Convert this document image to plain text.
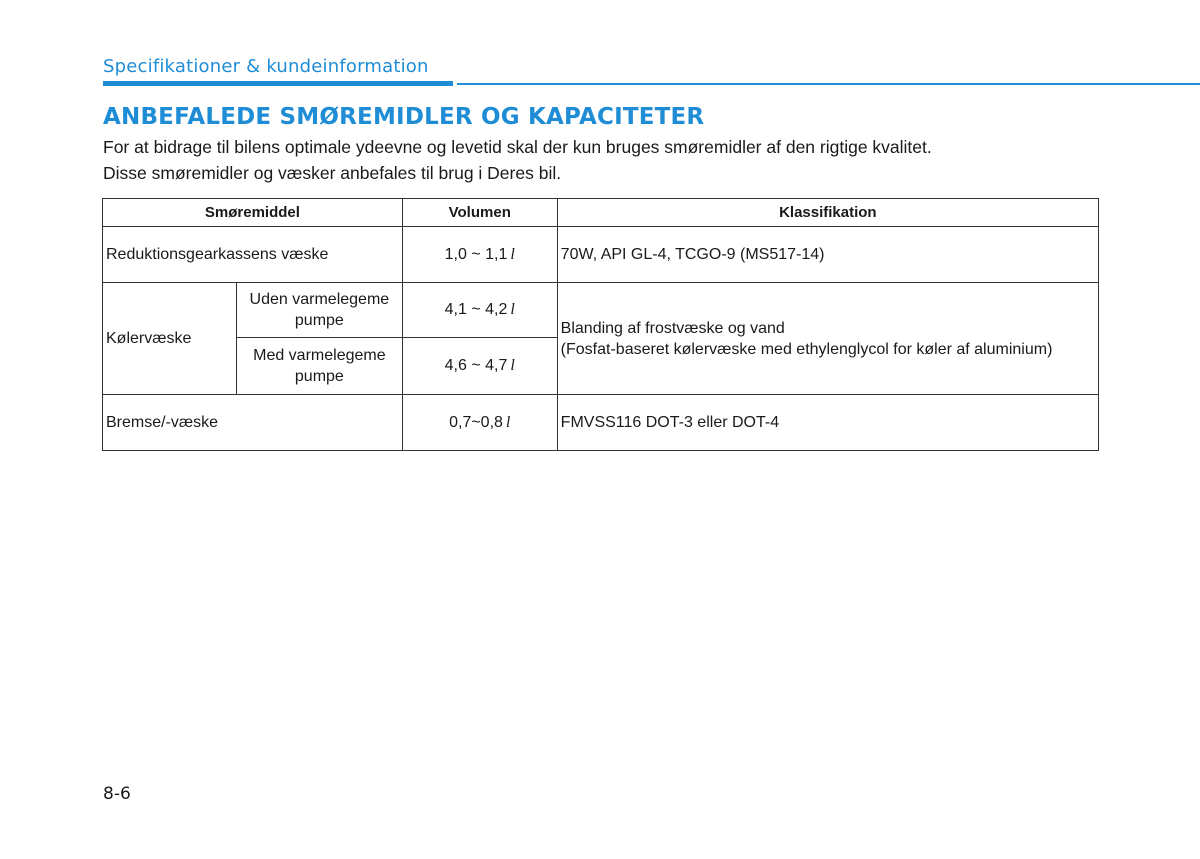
Specifikationer & kundeinformation
ANBEFALEDE SMØREMIDLER OG KAPACITETER

For at bidrage til bilens optimale ydeevne og levetid skal der kun bruges smøremidler af den rigtige kvalitet.

Disse smøremidler og væsker anbefales til brug i Deres bil.

Smøremiddel		Volumen	Klassifikation
Reduktionsgearkassens væske		1,0 ~ 1,1 l	70W, API GL-4, TCGO-9 (MS517-14)
Kølervæske	Uden varmelegeme pumpe	4,1 ~ 4,2 l	Blanding af frostvæske og vand
(Fosfat-baseret kølervæske med ethylenglycol for køler af aluminium)

	Med varmelegeme pumpe	4,6 ~ 4,7 l	
Bremse/-væske		0,7~0,8 l	FMVSS116 DOT-3 eller DOT-4
8-6
